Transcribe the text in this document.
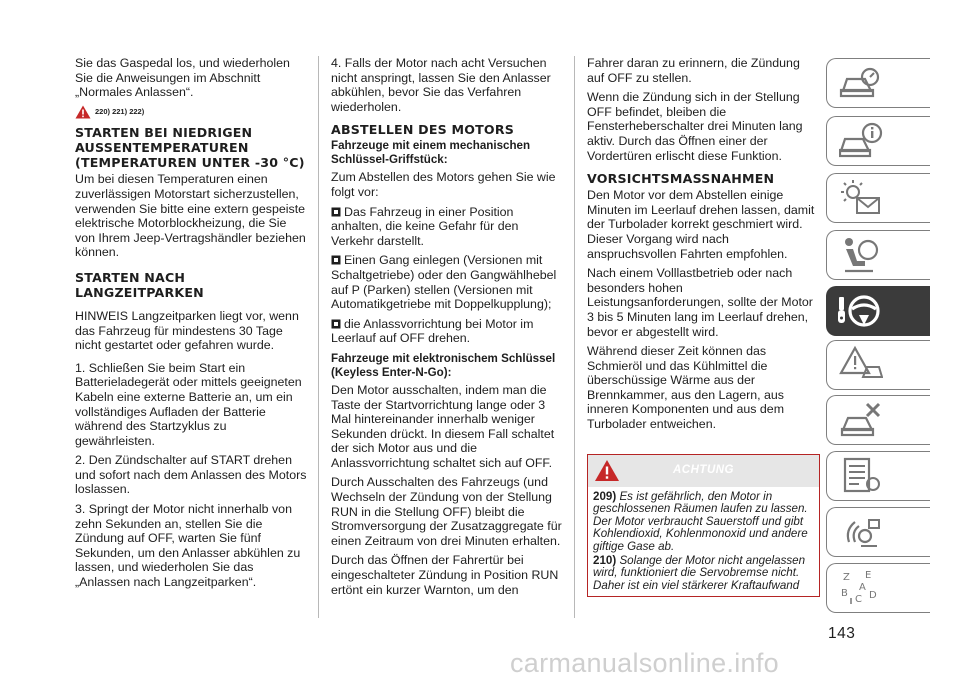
Sie das Gaspedal los, und wiederholen Sie die Anweisungen im Abschnitt „Normales Anlassen“.

220) 221) 222)
STARTEN BEI NIEDRIGEN AUSSENTEMPERATUREN (TEMPERATUREN UNTER -30 °C)

Um bei diesen Temperaturen einen zuverlässigen Motorstart sicherzustellen, verwenden Sie bitte eine extern gespeiste elektrische Motorblockheizung, die Sie von Ihrem Jeep-Vertragshändler beziehen können.

STARTEN NACH LANGZEITPARKEN

HINWEIS Langzeitparken liegt vor, wenn das Fahrzeug für mindestens 30 Tage nicht gestartet oder gefahren wurde.

1. Schließen Sie beim Start ein Batterieladegerät oder mittels geeigneten Kabeln eine externe Batterie an, um ein vollständiges Aufladen der Batterie während des Startzyklus zu gewährleisten.

2. Den Zündschalter auf START drehen und sofort nach dem Anlassen des Motors loslassen.

3. Springt der Motor nicht innerhalb von zehn Sekunden an, stellen Sie die Zündung auf OFF, warten Sie fünf Sekunden, um den Anlasser abkühlen zu lassen, und wiederholen Sie das „Anlassen nach Langzeitparken“.

4. Falls der Motor nach acht Versuchen nicht anspringt, lassen Sie den Anlasser abkühlen, bevor Sie das Verfahren wiederholen.

ABSTELLEN DES MOTORS
Fahrzeuge mit einem mechanischen Schlüssel-Griffstück:

Zum Abstellen des Motors gehen Sie wie folgt vor:

Das Fahrzeug in einer Position anhalten, die keine Gefahr für den Verkehr darstellt.

Einen Gang einlegen (Versionen mit Schaltgetriebe) oder den Gangwählhebel auf P (Parken) stellen (Versionen mit Automatikgetriebe mit Doppelkupplung);

die Anlassvorrichtung bei Motor im Leerlauf auf OFF drehen.

Fahrzeuge mit elektronischem Schlüssel (Keyless Enter-N-Go):

Den Motor ausschalten, indem man die Taste der Startvorrichtung lange oder 3 Mal hintereinander innerhalb weniger Sekunden drückt. In diesem Fall schaltet der sich Motor aus und die Anlassvorrichtung schaltet sich auf OFF.

Durch Ausschalten des Fahrzeugs (und Wechseln der Zündung von der Stellung RUN in die Stellung OFF) bleibt die Stromversorgung der Zusatzaggregate für einen Zeitraum von drei Minuten erhalten.

Durch das Öffnen der Fahrertür bei eingeschalteter Zündung in Position RUN ertönt ein kurzer Warnton, um den

Fahrer daran zu erinnern, die Zündung auf OFF zu stellen.

Wenn die Zündung sich in der Stellung OFF befindet, bleiben die Fensterheberschalter drei Minuten lang aktiv. Durch das Öffnen einer der Vordertüren erlischt diese Funktion.

VORSICHTSMASSNAHMEN

Den Motor vor dem Abstellen einige Minuten im Leerlauf drehen lassen, damit der Turbolader korrekt geschmiert wird. Dieser Vorgang wird nach anspruchsvollen Fahrten empfohlen.

Nach einem Volllastbetrieb oder nach besonders hohen Leistungsanforderungen, sollte der Motor 3 bis 5 Minuten lang im Leerlauf drehen, bevor er abgestellt wird.

Während dieser Zeit können das Schmieröl und das Kühlmittel die überschüssige Wärme aus der Brennkammer, aus den Lagern, aus inneren Komponenten und aus dem Turbolader entweichen.

ACHTUNG

209) Es ist gefährlich, den Motor in geschlossenen Räumen laufen zu lassen. Der Motor verbraucht Sauerstoff und gibt Kohlendioxid, Kohlenmonoxid und andere giftige Gase ab.

210) Solange der Motor nicht angelassen wird, funktioniert die Servobremse nicht. Daher ist ein viel stärkerer Kraftaufwand

Z E
B
C D
A
143
carmanualsonline.info
